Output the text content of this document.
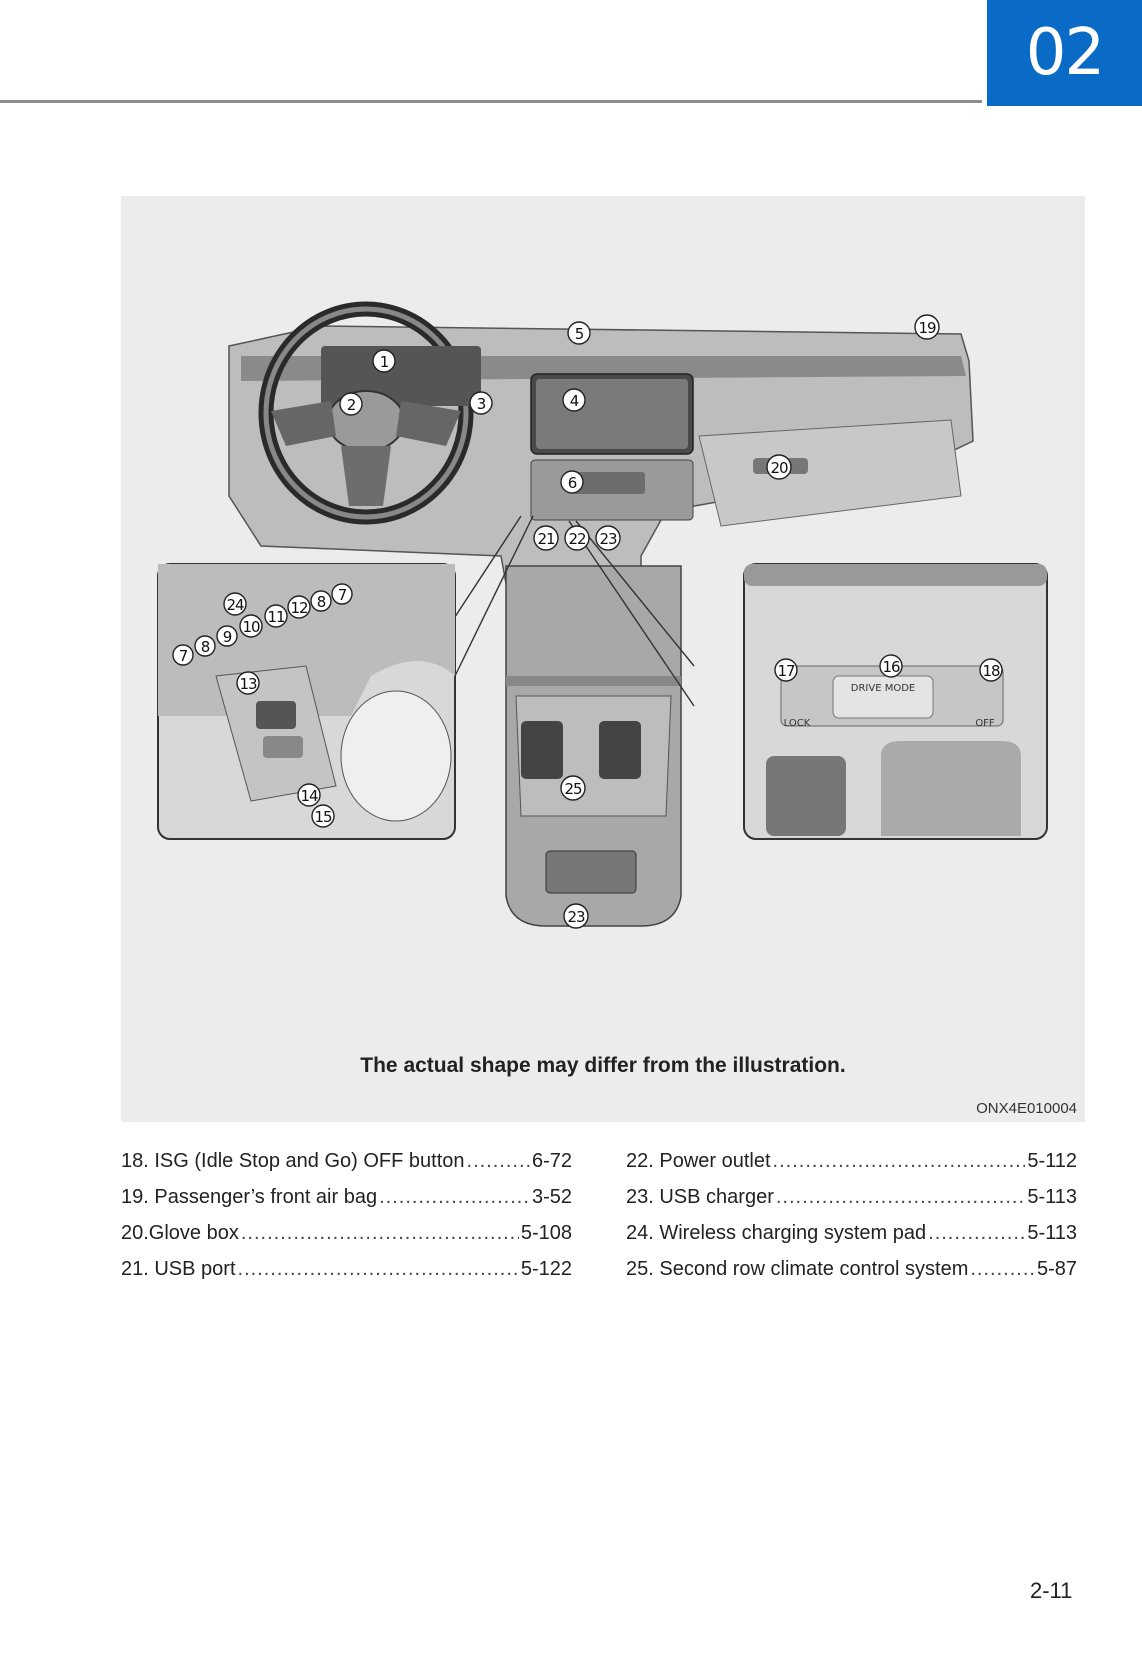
02
DRIVE MODE
LOCK	OFF
1
2	3	4
5
6
19
20
21 22 23
25
23
24
7 8
9
10
11 12 8 7
13
14
15
17	16	18
The actual shape may differ from the illustration.
ONX4E010004
18. ISG (Idle Stop and Go) OFF button .....	6-72
19. Passenger’s front air bag .....	3-52
20.Glove box .....	5-108
21. USB port .....	5-122
22. Power outlet .....	5-112
23. USB charger .....	5-113
24. Wireless charging system pad .....	5-113
25. Second row climate control system .....	5-87
2-11
